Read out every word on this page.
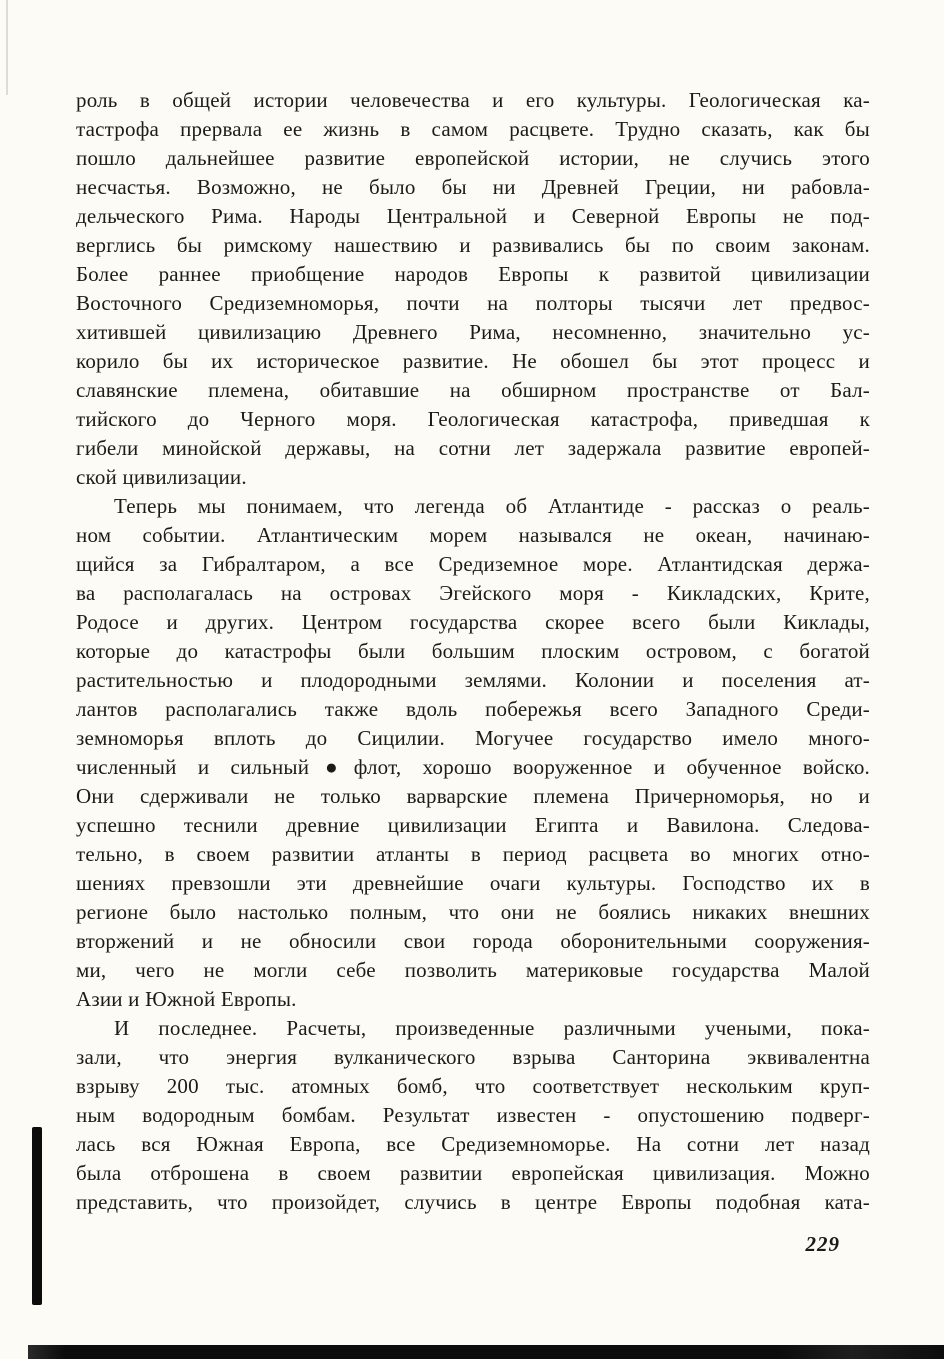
роль в общей истории человечества и его культуры. Геологическая ка-
тастрофа прервала ее жизнь в самом расцвете. Трудно сказать, как бы
пошло дальнейшее развитие европейской истории, не случись этого
несчастья. Возможно, не было бы ни Древней Греции, ни рабовла-
дельческого Рима. Народы Центральной и Северной Европы не под-
верглись бы римскому нашествию и развивались бы по своим законам.
Более раннее приобщение народов Европы к развитой цивилизации
Восточного Средиземноморья, почти на полторы тысячи лет предвос-
хитившей цивилизацию Древнего Рима, несомненно, значительно ус-
корило бы их историческое развитие. Не обошел бы этот процесс и
славянские племена, обитавшие на обширном пространстве от Бал-
тийского до Черного моря. Геологическая катастрофа, приведшая к
гибели минойской державы, на сотни лет задержала развитие европей-
ской цивилизации.
Теперь мы понимаем, что легенда об Атлантиде - рассказ о реаль-
ном событии. Атлантическим морем назывался не океан, начинаю-
щийся за Гибралтаром, а все Средиземное море. Атлантидская держа-
ва располагалась на островах Эгейского моря - Кикладских, Крите,
Родосе и других. Центром государства скорее всего были Киклады,
которые до катастрофы были большим плоским островом, с богатой
растительностью и плодородными землями. Колонии и поселения ат-
лантов располагались также вдоль побережья всего Западного Среди-
земноморья вплоть до Сицилии. Могучее государство имело много-
численный и сильный●флот, хорошо вооруженное и обученное войско.
Они сдерживали не только варварские племена Причерноморья, но и
успешно теснили древние цивилизации Египта и Вавилона. Следова-
тельно, в своем развитии атланты в период расцвета во многих отно-
шениях превзошли эти древнейшие очаги культуры. Господство их в
регионе было настолько полным, что они не боялись никаких внешних
вторжений и не обносили свои города оборонительными сооружения-
ми, чего не могли себе позволить материковые государства Малой
Азии и Южной Европы.
И последнее. Расчеты, произведенные различными учеными, пока-
зали, что энергия вулканического взрыва Санторина эквивалентна
взрыву 200 тыс. атомных бомб, что соответствует нескольким круп-
ным водородным бомбам. Результат известен - опустошению подверг-
лась вся Южная Европа, все Средиземноморье. На сотни лет назад
была отброшена в своем развитии европейская цивилизация. Можно
представить, что произойдет, случись в центре Европы подобная ката-
229
